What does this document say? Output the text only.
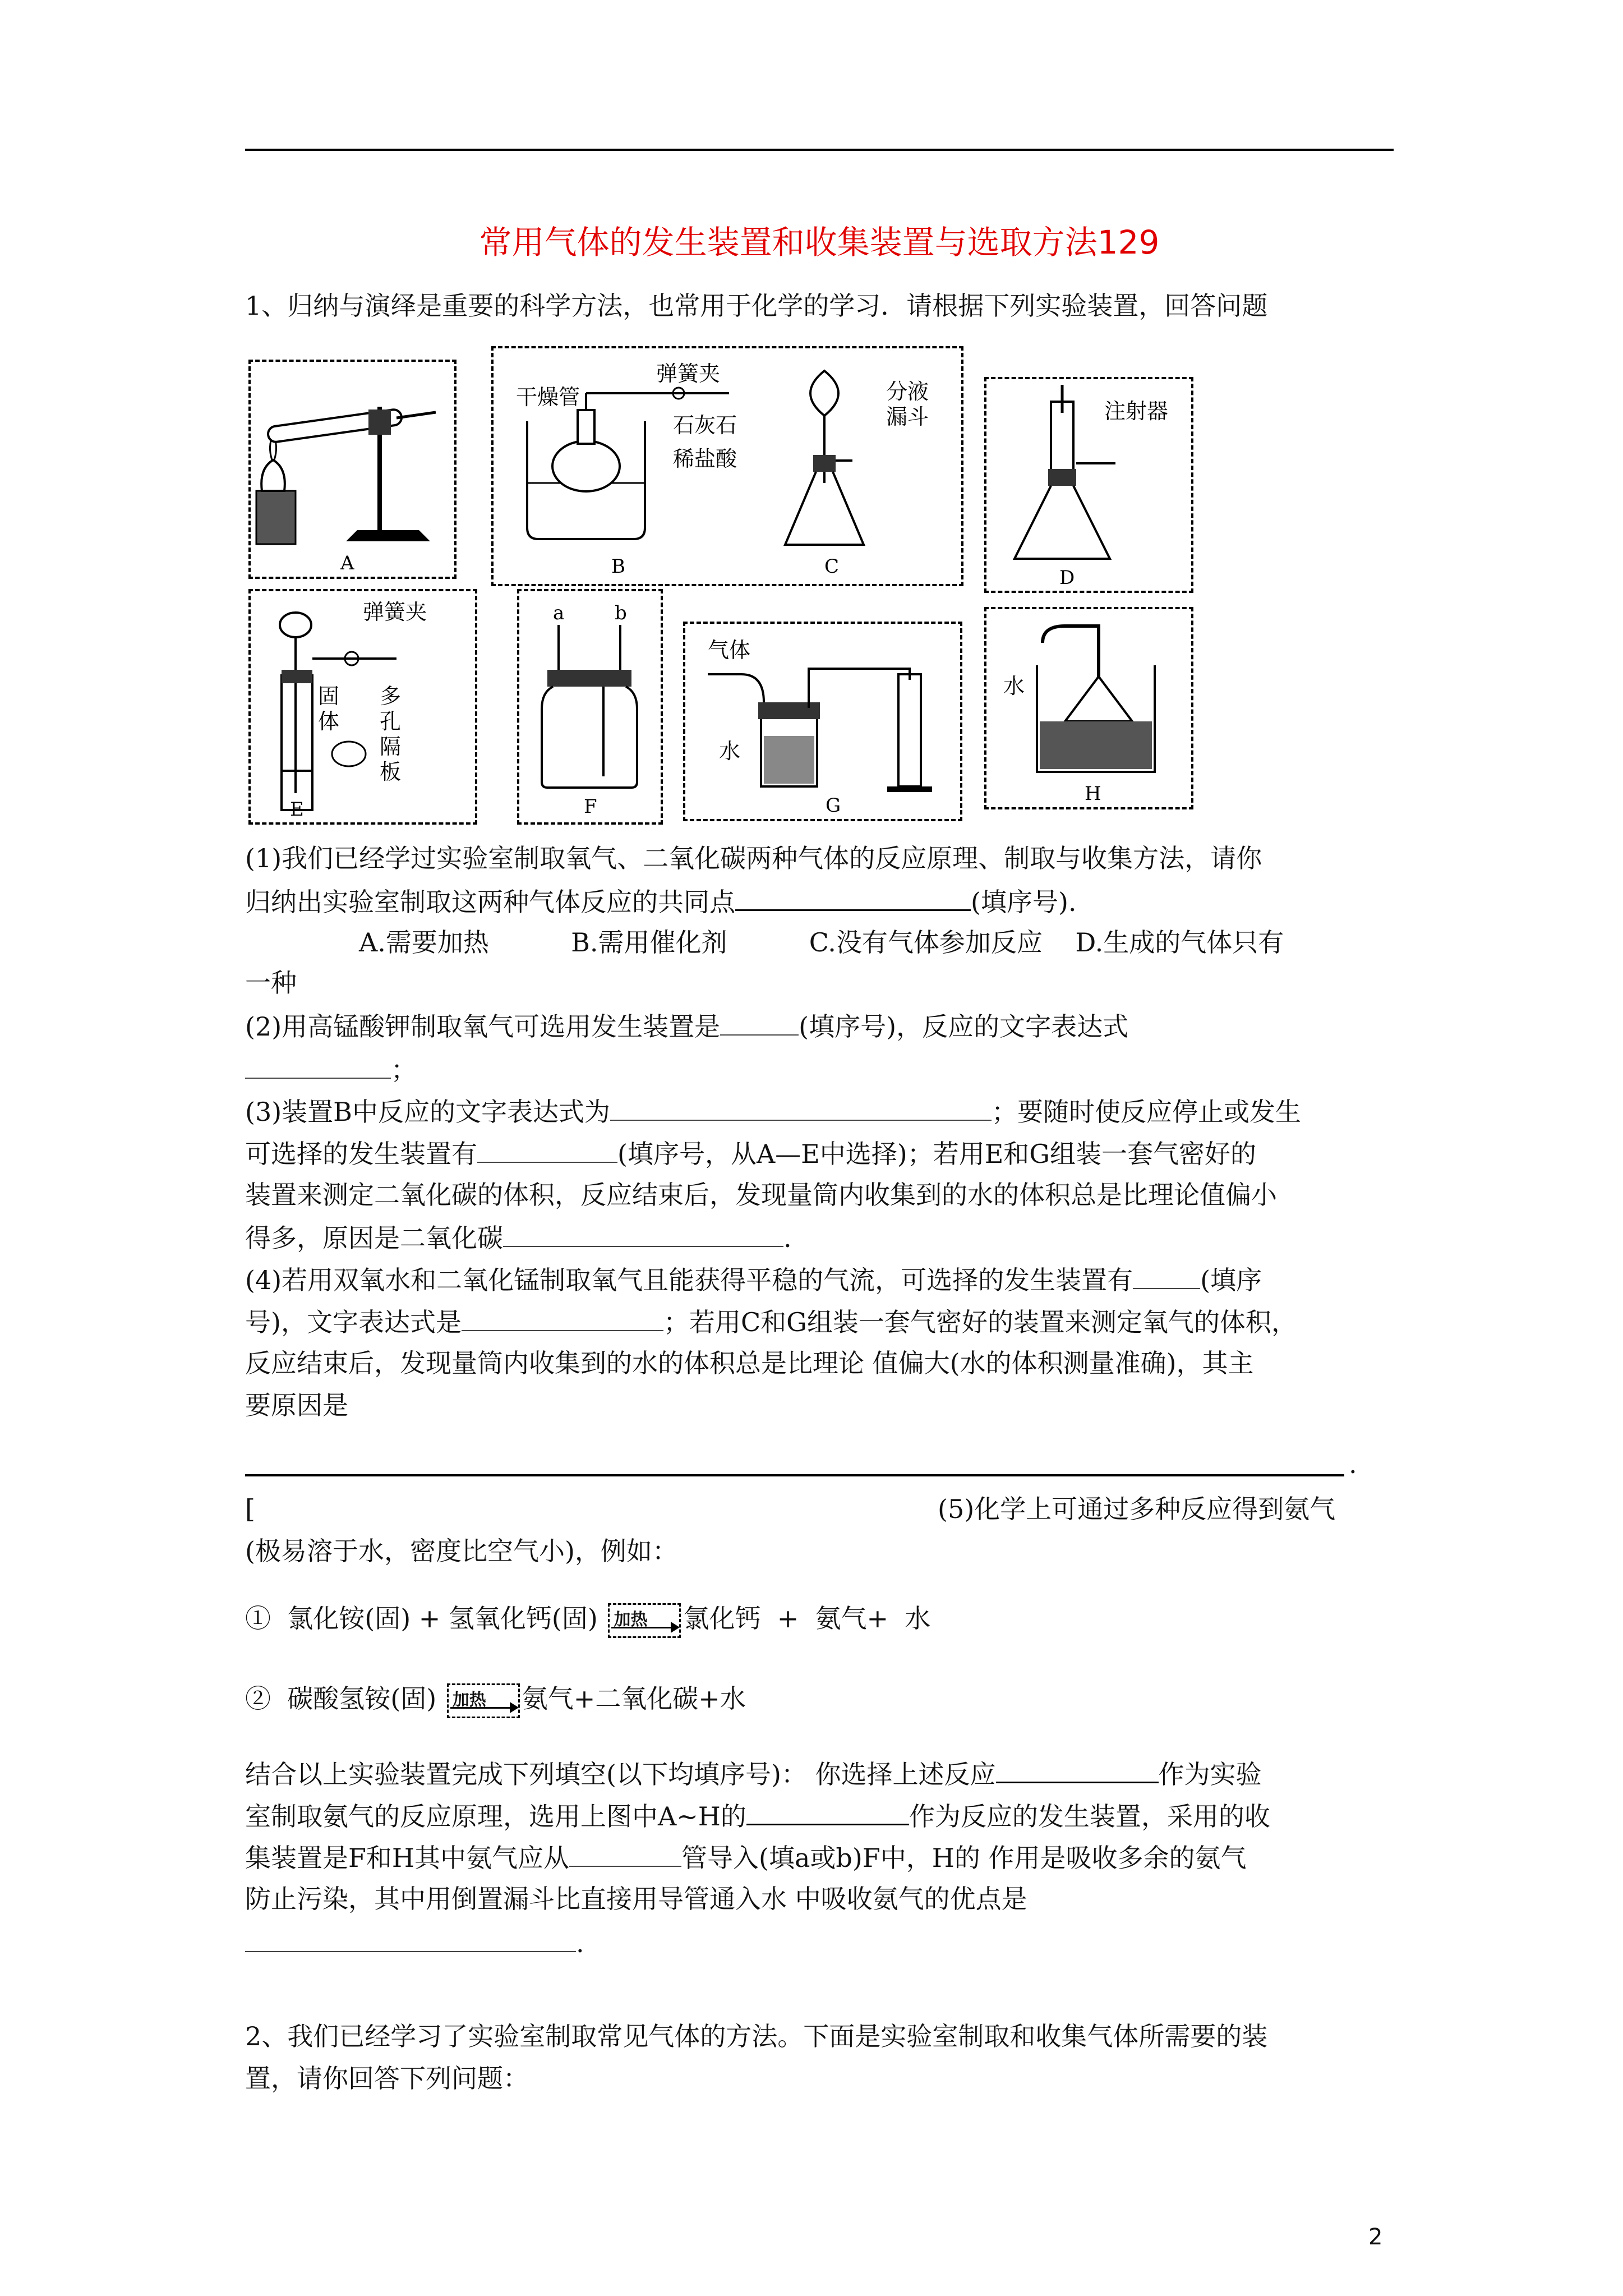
常用气体的发生装置和收集装置与选取方法129
1、归纳与演绎是重要的科学方法，也常用于化学的学习．请根据下列实验装置，回答问题
A
弹簧夹
干燥管
石灰石
稀盐酸
B
分液
漏斗
C
注射器
D
弹簧夹
固
体
多
孔
隔
板
E
a	b
F
气体
水
G
水
H
(1)我们已经学过实验室制取氧气、二氧化碳两种气体的反应原理、制取与收集方法，请你
归纳出实验室制取这两种气体反应的共同点	(填序号).
A.需要加热          B.需用催化剂          C.没有气体参加反应    D.生成的气体只有
一种
(2)用高锰酸钾制取氧气可选用发生装置是	(填序号)，反应的文字表达式
；
(3)装置B中反应的文字表达式为	；要随时使反应停止或发生
可选择的发生装置有	(填序号，从A—E中选择)；若用E和G组装一套气密好的
装置来测定二氧化碳的体积，反应结束后，发现量筒内收集到的水的体积总是比理论值偏小
得多，原因是二氧化碳	.
(4)若用双氧水和二氧化锰制取氧气且能获得平稳的气流，可选择的发生装置有	(填序
号)，文字表达式是	；若用C和G组装一套气密好的装置来测定氧气的体积，
反应结束后，发现量筒内收集到的水的体积总是比理论 值偏大(水的体积测量准确)，其主
要原因是
.
[	(5)化学上可通过多种反应得到氨气
(极易溶于水，密度比空气小)，例如：
①  氯化铵(固) + 氢氧化钙(固) 加热 氯化钙  +  氨气+  水
②  碳酸氢铵(固) 加热 氨气+二氧化碳+水
结合以上实验装置完成下列填空(以下均填序号)： 你选择上述反应	作为实验
室制取氨气的反应原理，选用上图中A~H的	作为反应的发生装置，采用的收
集装置是F和H其中氨气应从	管导入(填a或b)F中，H的 作用是吸收多余的氨气
防止污染，其中用倒置漏斗比直接用导管通入水 中吸收氨气的优点是
.
2、我们已经学习了实验室制取常见气体的方法。下面是实验室制取和收集气体所需要的装
置，请你回答下列问题：
2
